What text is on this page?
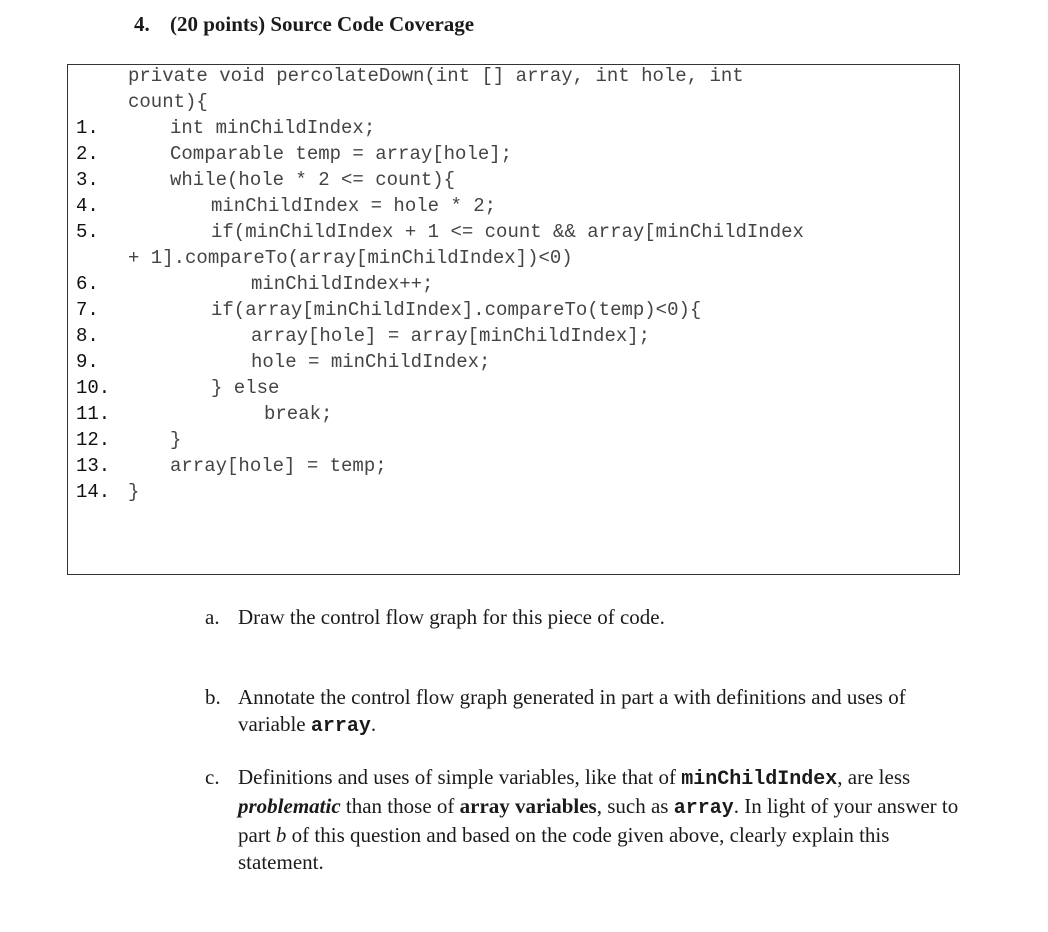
4. (20 points) Source Code Coverage
private void percolateDown(int [] array, int hole, int
count){
1.	int minChildIndex;
2.	Comparable temp = array[hole];
3.	while(hole * 2 <= count){
4.	minChildIndex = hole * 2;
5.	if(minChildIndex + 1 <= count && array[minChildIndex
+ 1].compareTo(array[minChildIndex])<0)
6.	minChildIndex++;
7.	if(array[minChildIndex].compareTo(temp)<0){
8.	array[hole] = array[minChildIndex];
9.	hole = minChildIndex;
10.	} else
11.	break;
12.	}
13.	array[hole] = temp;
14. }
a. Draw the control flow graph for this piece of code.
b. Annotate the control flow graph generated in part a with definitions and uses of variable array.
c. Definitions and uses of simple variables, like that of minChildIndex, are less problematic than those of array variables, such as array. In light of your answer to part b of this question and based on the code given above, clearly explain this statement.
